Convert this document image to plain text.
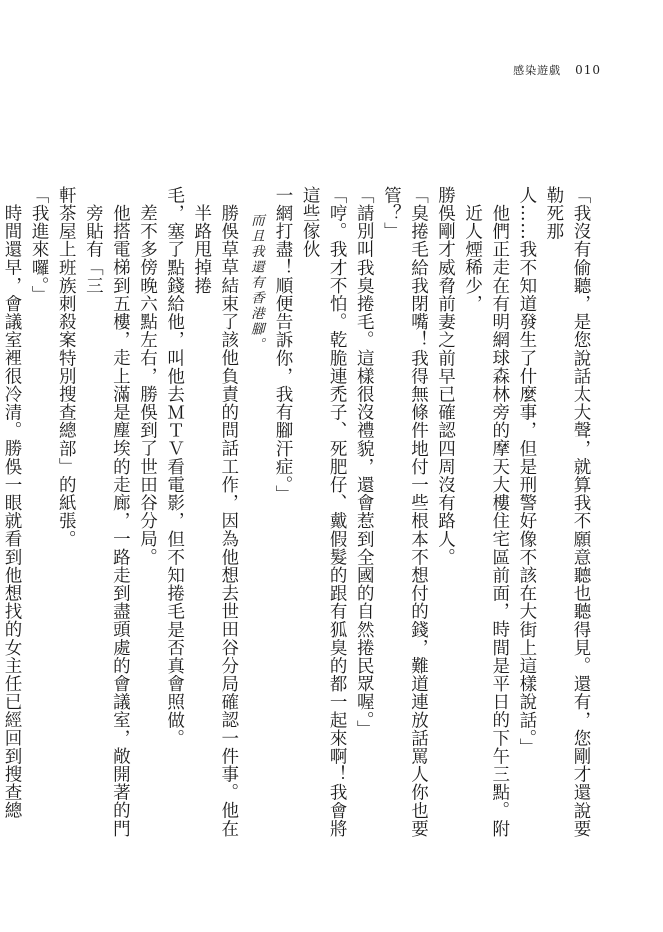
感染遊戲 010

「我沒有偷聽，是您說話太大聲，就算我不願意聽也聽得見。還有，您剛才還說要勒死那

人……我不知道發生了什麼事，但是刑警好像不該在大街上這樣說話。」

他們正走在有明網球森林旁的摩天大樓住宅區前面，時間是平日的下午三點。附近人煙稀少，

勝俁剛才威脅前妻之前早已確認四周沒有路人。

「臭捲毛給我閉嘴！我得無條件地付一些根本不想付的錢，難道連放話罵人你也要管？」

「請別叫我臭捲毛。這樣很沒禮貌，還會惹到全國的自然捲民眾喔。」

「哼。我才不怕。乾脆連禿子、死肥仔、戴假髮的跟有狐臭的都一起來啊！我會將這些傢伙

一網打盡！順便告訴你，我有腳汗症。」

而且我還有香港腳。

勝俁草草結束了該他負責的問話工作，因為他想去世田谷分局確認一件事。他在半路甩掉捲

毛，塞了點錢給他，叫他去ＭＴＶ看電影，但不知捲毛是否真會照做。

差不多傍晚六點左右，勝俁到了世田谷分局。

他搭電梯到五樓，走上滿是塵埃的走廊，一路走到盡頭處的會議室，敞開著的門旁貼有「三

軒茶屋上班族刺殺案特別搜查總部」的紙張。

「我進來囉。」

時間還早，會議室裡很冷清。勝俁一眼就看到他想找的女主任已經回到搜查總
